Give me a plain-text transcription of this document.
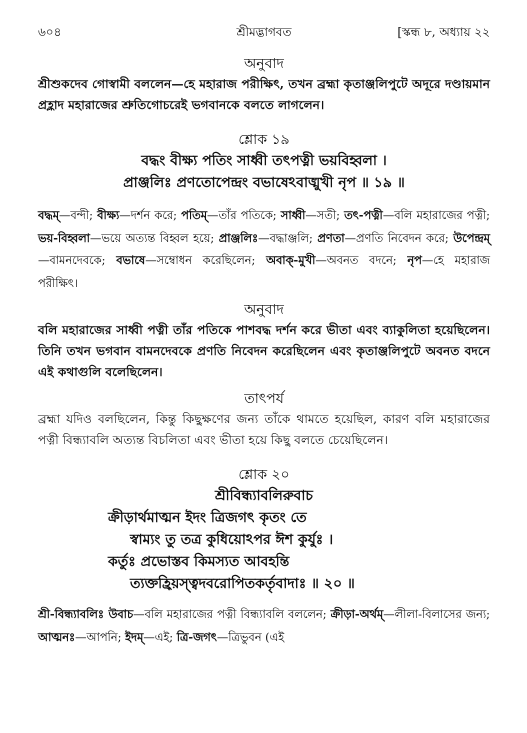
৬০৪	শ্রীমদ্ভাগবত	[স্কন্ধ ৮, অধ্যায় ২২
অনুবাদ

শ্রীশুকদেব গোস্বামী বললেন—হে মহারাজ পরীক্ষিৎ, তখন ব্রহ্মা কৃতাঞ্জলিপুটে অদূরে দণ্ডায়মান প্রহ্লাদ মহারাজের শ্রুতিগোচরেই ভগবানকে বলতে লাগলেন।

শ্লোক ১৯

বদ্ধং বীক্ষ্য পতিং সাধ্বী তৎপত্নী ভয়বিহ্বলা ।

প্রাঞ্জলিঃ প্রণতোপেন্দ্রং বভাষেঽবাঙ্মুখী নৃপ ॥ ১৯ ॥

বদ্ধম্—বন্দী; বীক্ষ্য—দর্শন করে; পতিম্—তাঁর পতিকে; সাধ্বী—সতী; তৎ-পত্নী—বলি মহারাজের পত্নী; ভয়-বিহ্বলা—ভয়ে অত্যন্ত বিহ্বল হয়ে; প্রাঞ্জলিঃ—বদ্ধাঞ্জলি; প্রণতা—প্রণতি নিবেদন করে; উপেন্দ্রম্—বামনদেবকে; বভাষে—সম্বোধন করেছিলেন; অবাক্-মুখী—অবনত বদনে; নৃপ—হে মহারাজ পরীক্ষিৎ।

অনুবাদ

বলি মহারাজের সাধ্বী পত্নী তাঁর পতিকে পাশবদ্ধ দর্শন করে ভীতা এবং ব্যাকুলিতা হয়েছিলেন। তিনি তখন ভগবান বামনদেবকে প্রণতি নিবেদন করেছিলেন এবং কৃতাঞ্জলিপুটে অবনত বদনে এই কথাগুলি বলেছিলেন।

তাৎপর্য

ব্রহ্মা যদিও বলছিলেন, কিন্তু কিছুক্ষণের জন্য তাঁকে থামতে হয়েছিল, কারণ বলি মহারাজের পত্নী বিন্ধ্যাবলি অত্যন্ত বিচলিতা এবং ভীতা হয়ে কিছু বলতে চেয়েছিলেন।

শ্লোক ২০

শ্রীবিন্ধ্যাবলিরুবাচ

ক্রীড়ার্থমাত্মন ইদং ত্রিজগৎ কৃতং তে

স্বাম্যং তু তত্র কুধিয়োঽপর ঈশ কুর্যুঃ ।

কর্তুঃ প্রভোস্তব কিমস্যত আবহন্তি

ত্যক্তহ্রিয়স্ত্বদবরোপিতকর্তৃবাদাঃ ॥ ২০ ॥

শ্রী-বিন্ধ্যাবলিঃ উবাচ—বলি মহারাজের পত্নী বিন্ধ্যাবলি বললেন; ক্রীড়া-অর্থম্—লীলা-বিলাসের জন্য; আত্মনঃ—আপনি; ইদম্—এই; ত্রি-জগৎ—ত্রিভুবন (এই
